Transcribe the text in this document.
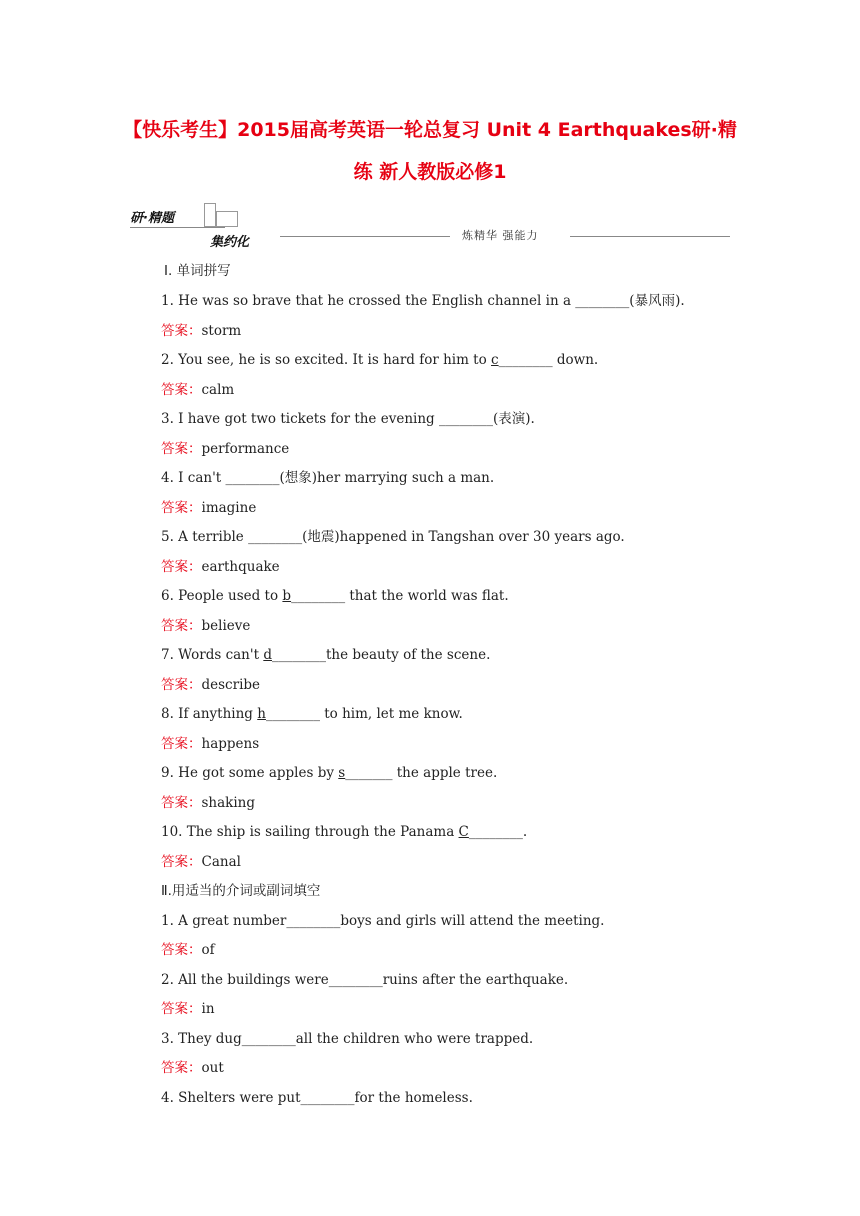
【快乐考生】2015届高考英语一轮总复习 Unit 4 Earthquakes研·精
练 新人教版必修1
研·精题
集约化	炼精华 强能力
Ⅰ. 单词拼写
1. He was so brave that he crossed the English channel in a ________(暴风雨).
答案：storm
2. You see, he is so excited. It is hard for him to c________ down.
答案：calm
3. I have got two tickets for the evening ________(表演).
答案：performance
4. I can't ________(想象)her marrying such a man.
答案：imagine
5. A terrible ________(地震)happened in Tangshan over 30 years ago.
答案：earthquake
6. People used to b________ that the world was flat.
答案：believe
7. Words can't d________the beauty of the scene.
答案：describe
8. If anything h________ to him, let me know.
答案：happens
9. He got some apples by s_______ the apple tree.
答案：shaking
10. The ship is sailing through the Panama C________.
答案：Canal
Ⅱ.用适当的介词或副词填空
1. A great number________boys and girls will attend the meeting.
答案：of
2. All the buildings were________ruins after the earthquake.
答案：in
3. They dug________all the children who were trapped.
答案：out
4. Shelters were put________for the homeless.
